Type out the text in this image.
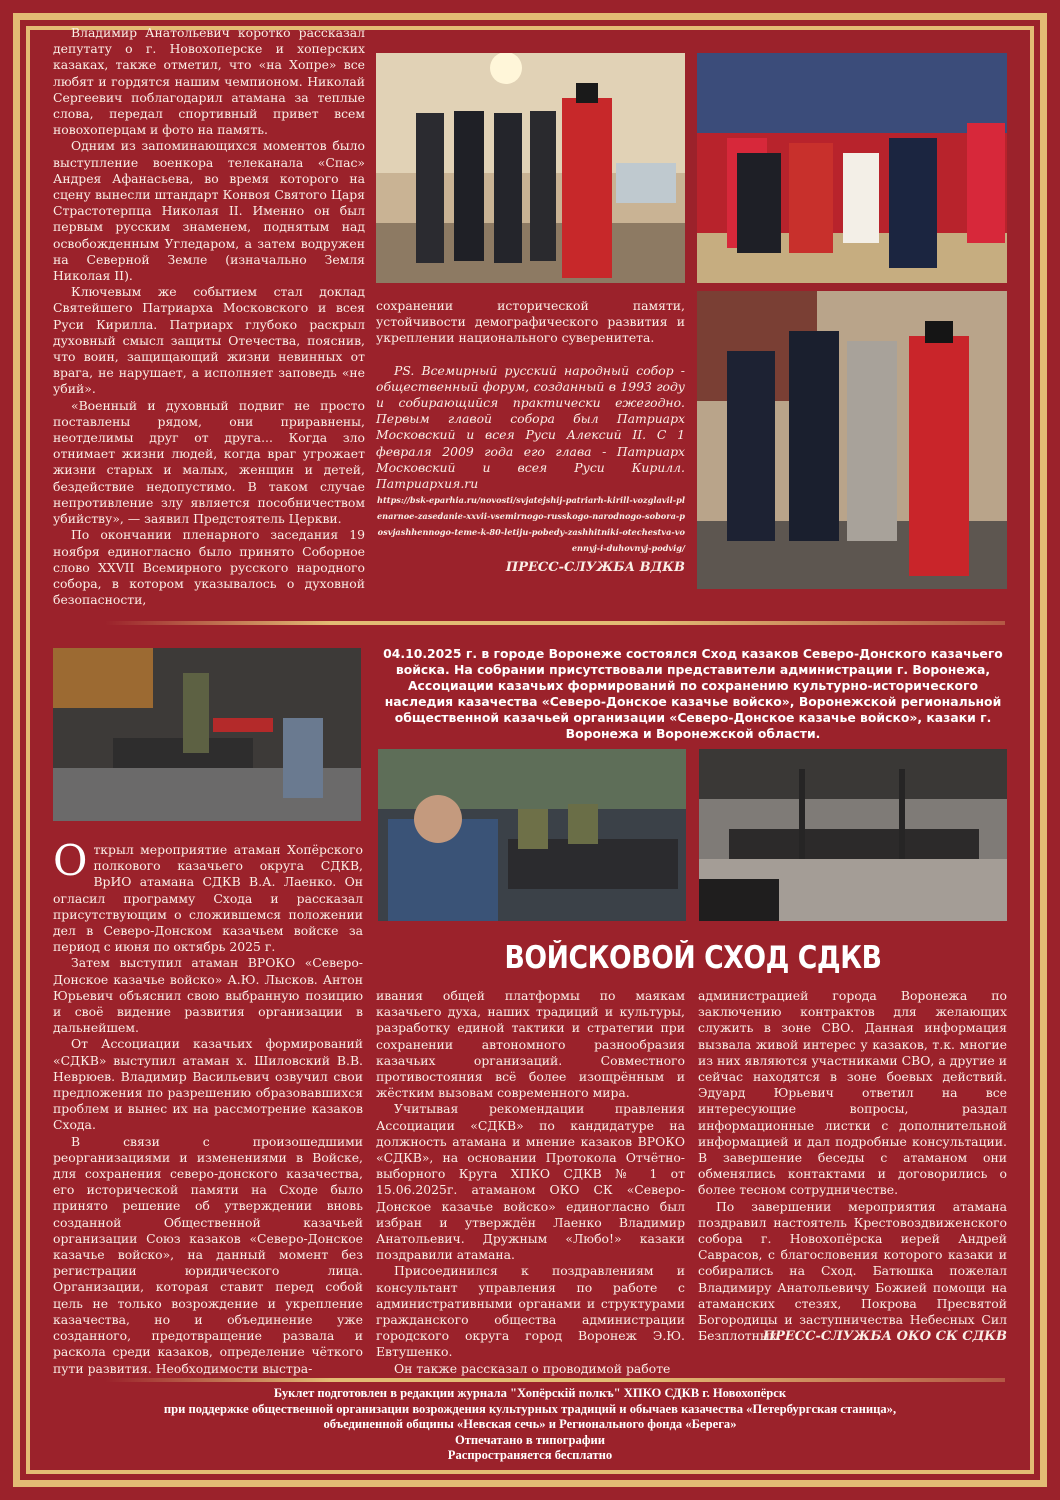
Владимир Анатольевич коротко рассказал депутату о г. Новохоперске и хоперских казаках, также отметил, что «на Хопре» все любят и гордятся нашим чемпионом. Николай Сергеевич поблагодарил атамана за теплые слова, передал спортивный привет всем новохоперцам и фото на память.

Одним из запоминающихся моментов было выступление военкора телеканала «Спас» Андрея Афанасьева, во время которого на сцену вынесли штандарт Конвоя Святого Царя Страстотерпца Николая II. Именно он был первым русским знаменем, поднятым над освобожденным Угледаром, а затем водружен на Северной Земле (изначально Земля Николая II).

Ключевым же событием стал доклад Святейшего Патриарха Московского и всея Руси Кирилла. Патриарх глубоко раскрыл духовный смысл защиты Отечества, пояснив, что воин, защищающий жизни невинных от врага, не нарушает, а исполняет заповедь «не убий».

«Военный и духовный подвиг не просто поставлены рядом, они приравнены, неотделимы друг от друга... Когда зло отнимает жизни людей, когда враг угрожает жизни старых и малых, женщин и детей, бездействие недопустимо. В таком случае непротивление злу является пособничеством убийству», — заявил Предстоятель Церкви.

По окончании пленарного заседания 19 ноября единогласно было принято Соборное слово XXVII Всемирного русского народного собора, в котором указывалось о духовной безопасности,

сохранении исторической памяти, устойчивости демографического развития и укреплении национального суверенитета.

PS. Всемирный русский народный собор - общественный форум, созданный в 1993 году и собирающийся практически ежегодно. Первым главой собора был Патриарх Московский и всея Руси Алексий II. С 1 февраля 2009 года его глава - Патриарх Московский и всея Руси Кирилл. Патриархия.ru

https://bsk-eparhia.ru/novosti/svjatejshij-patriarh-kirill-vozglavil-plenarnoe-zasedanie-xxvii-vsemirnogo-russkogo-narodnogo-sobora-posvjashhennogo-teme-k-80-letiju-pobedy-zashhitniki-otechestva-voennyj-i-duhovnyj-podvig/
ПРЕСС-СЛУЖБА ВДКВ
04.10.2025 г. в городе Воронеже состоялся Сход казаков Северо-Донского казачьего войска. На собрании присутствовали представители администрации г. Воронежа, Ассоциации казачьих формирований по сохранению культурно-исторического наследия казачества «Северо-Донское казачье войско», Воронежской региональной общественной казачьей организации «Северо-Донское казачье войско», казаки г. Воронежа и Воронежской области.
ВОЙСКОВОЙ СХОД СДКВ

Открыл мероприятие атаман Хопёрского полкового казачьего округа СДКВ, ВрИО атамана СДКВ В.А. Лаенко. Он огласил программу Схода и рассказал присутствующим о сложившемся положении дел в Северо-Донском казачьем войске за период с июня по октябрь 2025 г.

Затем выступил атаман ВРОКО «Северо-Донское казачье войско» А.Ю. Лысков. Антон Юрьевич объяснил свою выбранную позицию и своё видение развития организации в дальнейшем.

От Ассоциации казачьих формирований «СДКВ» выступил атаман х. Шиловский В.В. Неврюев. Владимир Васильевич озвучил свои предложения по разрешению образовавшихся проблем и вынес их на рассмотрение казаков Схода.

В связи с произошедшими реорганизациями и изменениями в Войске, для сохранения северо-донского казачества, его исторической памяти на Сходе было принято решение об утверждении вновь созданной Общественной казачьей организации Союз казаков «Северо-Донское казачье войско», на данный момент без регистрации юридического лица. Организации, которая ставит перед собой цель не только возрождение и укрепление казачества, но и объединение уже созданного, предотвращение развала и раскола среди казаков, определение чёткого пути развития. Необходимости выстра-

ивания общей платформы по маякам казачьего духа, наших традиций и культуры, разработку единой тактики и стратегии при сохранении автономного разнообразия казачьих организаций. Совместного противостояния всё более изощрённым и жёстким вызовам современного мира.

Учитывая рекомендации правления Ассоциации «СДКВ» по кандидатуре на должность атамана и мнение казаков ВРОКО «СДКВ», на основании Протокола Отчётно-выборного Круга ХПКО СДКВ № 1 от 15.06.2025г. атаманом ОКО СК «Северо-Донское казачье войско» единогласно был избран и утверждён Лаенко Владимир Анатольевич. Дружным «Любо!» казаки поздравили атамана.

Присоединился к поздравлениям и консультант управления по работе с административными органами и структурами гражданского общества администрации городского округа город Воронеж Э.Ю. Евтушенко.

Он также рассказал о проводимой работе

администрацией города Воронежа по заключению контрактов для желающих служить в зоне СВО. Данная информация вызвала живой интерес у казаков, т.к. многие из них являются участниками СВО, а другие и сейчас находятся в зоне боевых действий. Эдуард Юрьевич ответил на все интересующие вопросы, раздал информационные листки с дополнительной информацией и дал подробные консультации. В завершение беседы с атаманом они обменялись контактами и договорились о более тесном сотрудничестве.

По завершении мероприятия атамана поздравил настоятель Крестовоздвиженского собора г. Новохопёрска иерей Андрей Саврасов, с благословения которого казаки и собирались на Сход. Батюшка пожелал Владимиру Анатольевичу Божией помощи на атаманских стезях, Покрова Пресвятой Богородицы и заступничества Небесных Сил Безплотных.

ПРЕСС-СЛУЖБА ОКО СК СДКВ
Буклет подготовлен в редакции журнала "Хопёрскiй полкъ" ХПКО СДКВ г. Новохопёрск
при поддержке общественной организации возрождения культурных традиций и обычаев казачества «Петербургская станица»,
объединенной общины «Невская сечь» и Регионального фонда «Берега»
Отпечатано в типографии
Распространяется бесплатно
